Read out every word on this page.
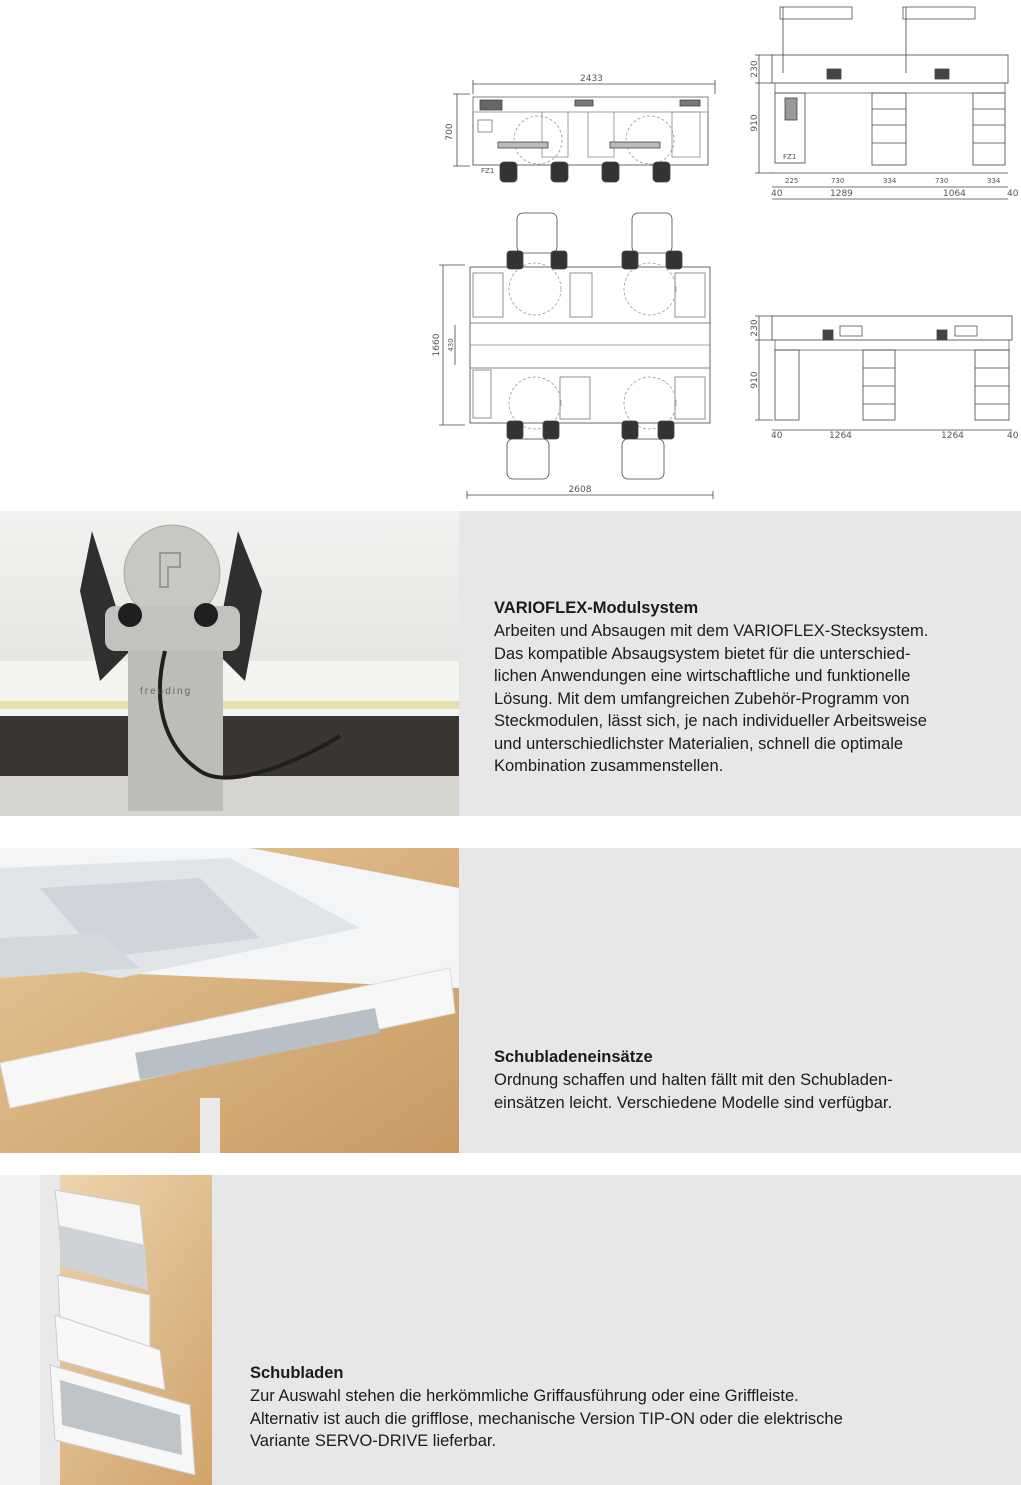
2433
700
FZ1
230
910
FZ1
225	730	334	730	334
40	1289	1064	40
1660 430
2608
230
910
40	1264	1264	40
freuding
VARIOFLEX-Modulsystem

Arbeiten und Absaugen mit dem VARIOFLEX-Stecksystem.
Das kompatible Absaugsystem bietet für die unterschied-
lichen Anwendungen eine wirtschaftliche und funktionelle
Lösung. Mit dem umfangreichen Zubehör-Programm von
Steckmodulen, lässt sich, je nach individueller Arbeitsweise
und unterschiedlichster Materialien, schnell die optimale
Kombination zusammenstellen.

Schubladeneinsätze

Ordnung schaffen und halten fällt mit den Schubladen-
einsätzen leicht. Verschiedene Modelle sind verfügbar.

Schubladen

Zur Auswahl stehen die herkömmliche Griffausführung oder eine Griffleiste.
Alternativ ist auch die grifflose, mechanische Version TIP-ON oder die elektrische
Variante SERVO-DRIVE lieferbar.
